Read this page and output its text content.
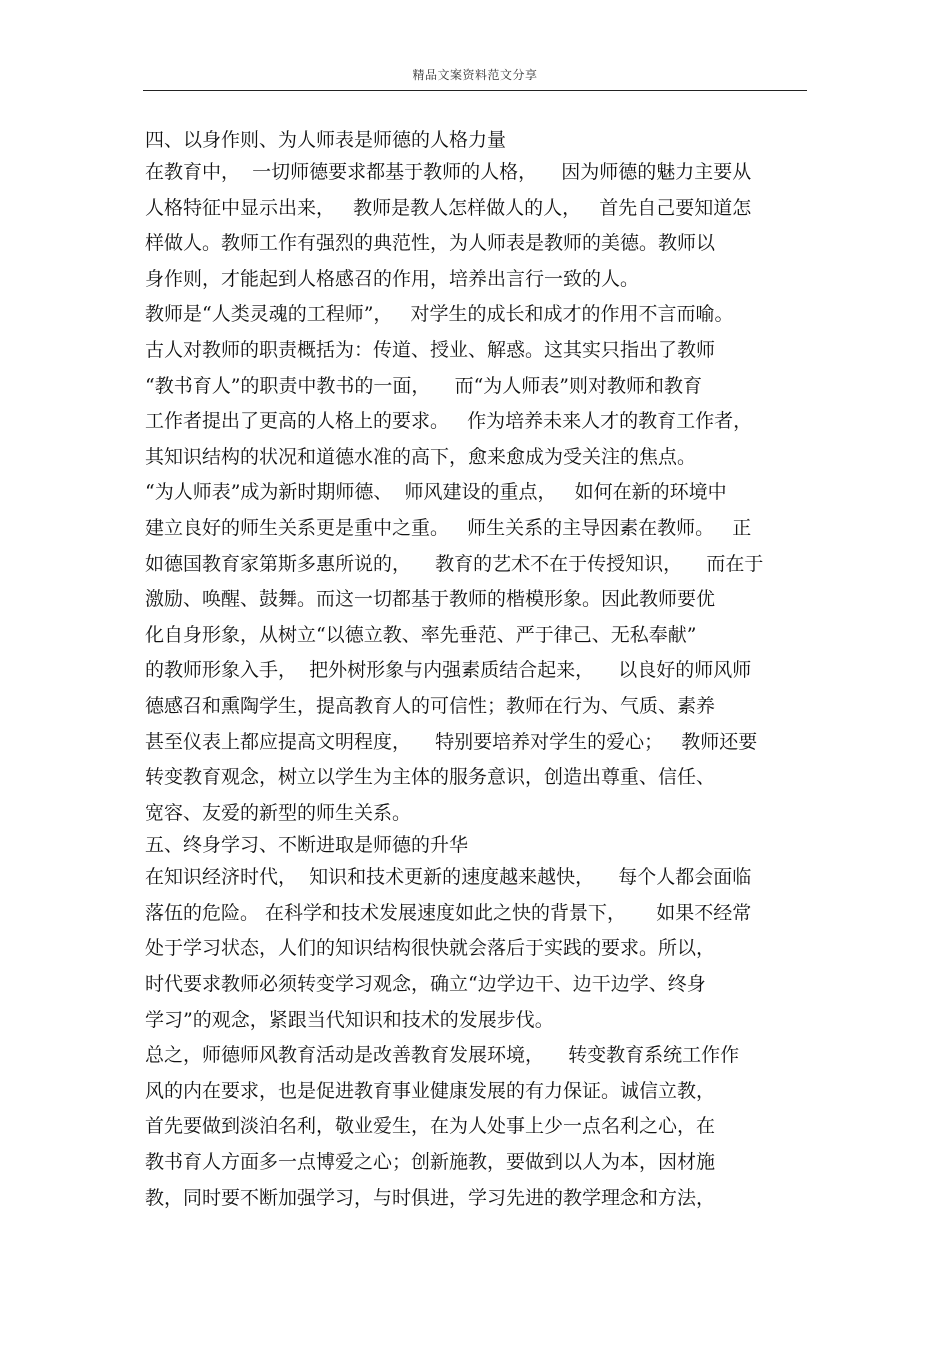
精品文案资料范文分享
四、以身作则、为人师表是师德的人格力量
在教育中，  一切师德要求都基于教师的人格，    因为师德的魅力主要从
人格特征中显示出来，   教师是教人怎样做人的人，   首先自己要知道怎
样做人。教师工作有强烈的典范性，为人师表是教师的美德。教师以
身作则，才能起到人格感召的作用，培养出言行一致的人。
教师是“人类灵魂的工程师”，   对学生的成长和成才的作用不言而喻。
古人对教师的职责概括为：传道、授业、解惑。这其实只指出了教师
“教书育人”的职责中教书的一面，    而“为人师表”则对教师和教育
工作者提出了更高的人格上的要求。   作为培养未来人才的教育工作者，
其知识结构的状况和道德水准的高下，愈来愈成为受关注的焦点。
“为人师表”成为新时期师德、  师风建设的重点，   如何在新的环境中
建立良好的师生关系更是重中之重。   师生关系的主导因素在教师。   正
如德国教育家第斯多惠所说的，    教育的艺术不在于传授知识，    而在于
激励、唤醒、鼓舞。而这一切都基于教师的楷模形象。因此教师要优
化自身形象，从树立“以德立教、率先垂范、严于律己、无私奉献”
的教师形象入手，  把外树形象与内强素质结合起来，    以良好的师风师
德感召和熏陶学生，提高教育人的可信性；教师在行为、气质、素养
甚至仪表上都应提高文明程度，    特别要培养对学生的爱心；   教师还要
转变教育观念，树立以学生为主体的服务意识，创造出尊重、信任、
宽容、友爱的新型的师生关系。
五、终身学习、不断进取是师德的升华
在知识经济时代，  知识和技术更新的速度越来越快，    每个人都会面临
落伍的危险。 在科学和技术发展速度如此之快的背景下，     如果不经常
处于学习状态，人们的知识结构很快就会落后于实践的要求。所以，
时代要求教师必须转变学习观念，确立“边学边干、边干边学、终身
学习”的观念，紧跟当代知识和技术的发展步伐。
总之，师德师风教育活动是改善教育发展环境，    转变教育系统工作作
风的内在要求，也是促进教育事业健康发展的有力保证。诚信立教，
首先要做到淡泊名利，敬业爱生，在为人处事上少一点名利之心，在
教书育人方面多一点博爱之心；创新施教，要做到以人为本，因材施
教，同时要不断加强学习，与时俱进，学习先进的教学理念和方法，
